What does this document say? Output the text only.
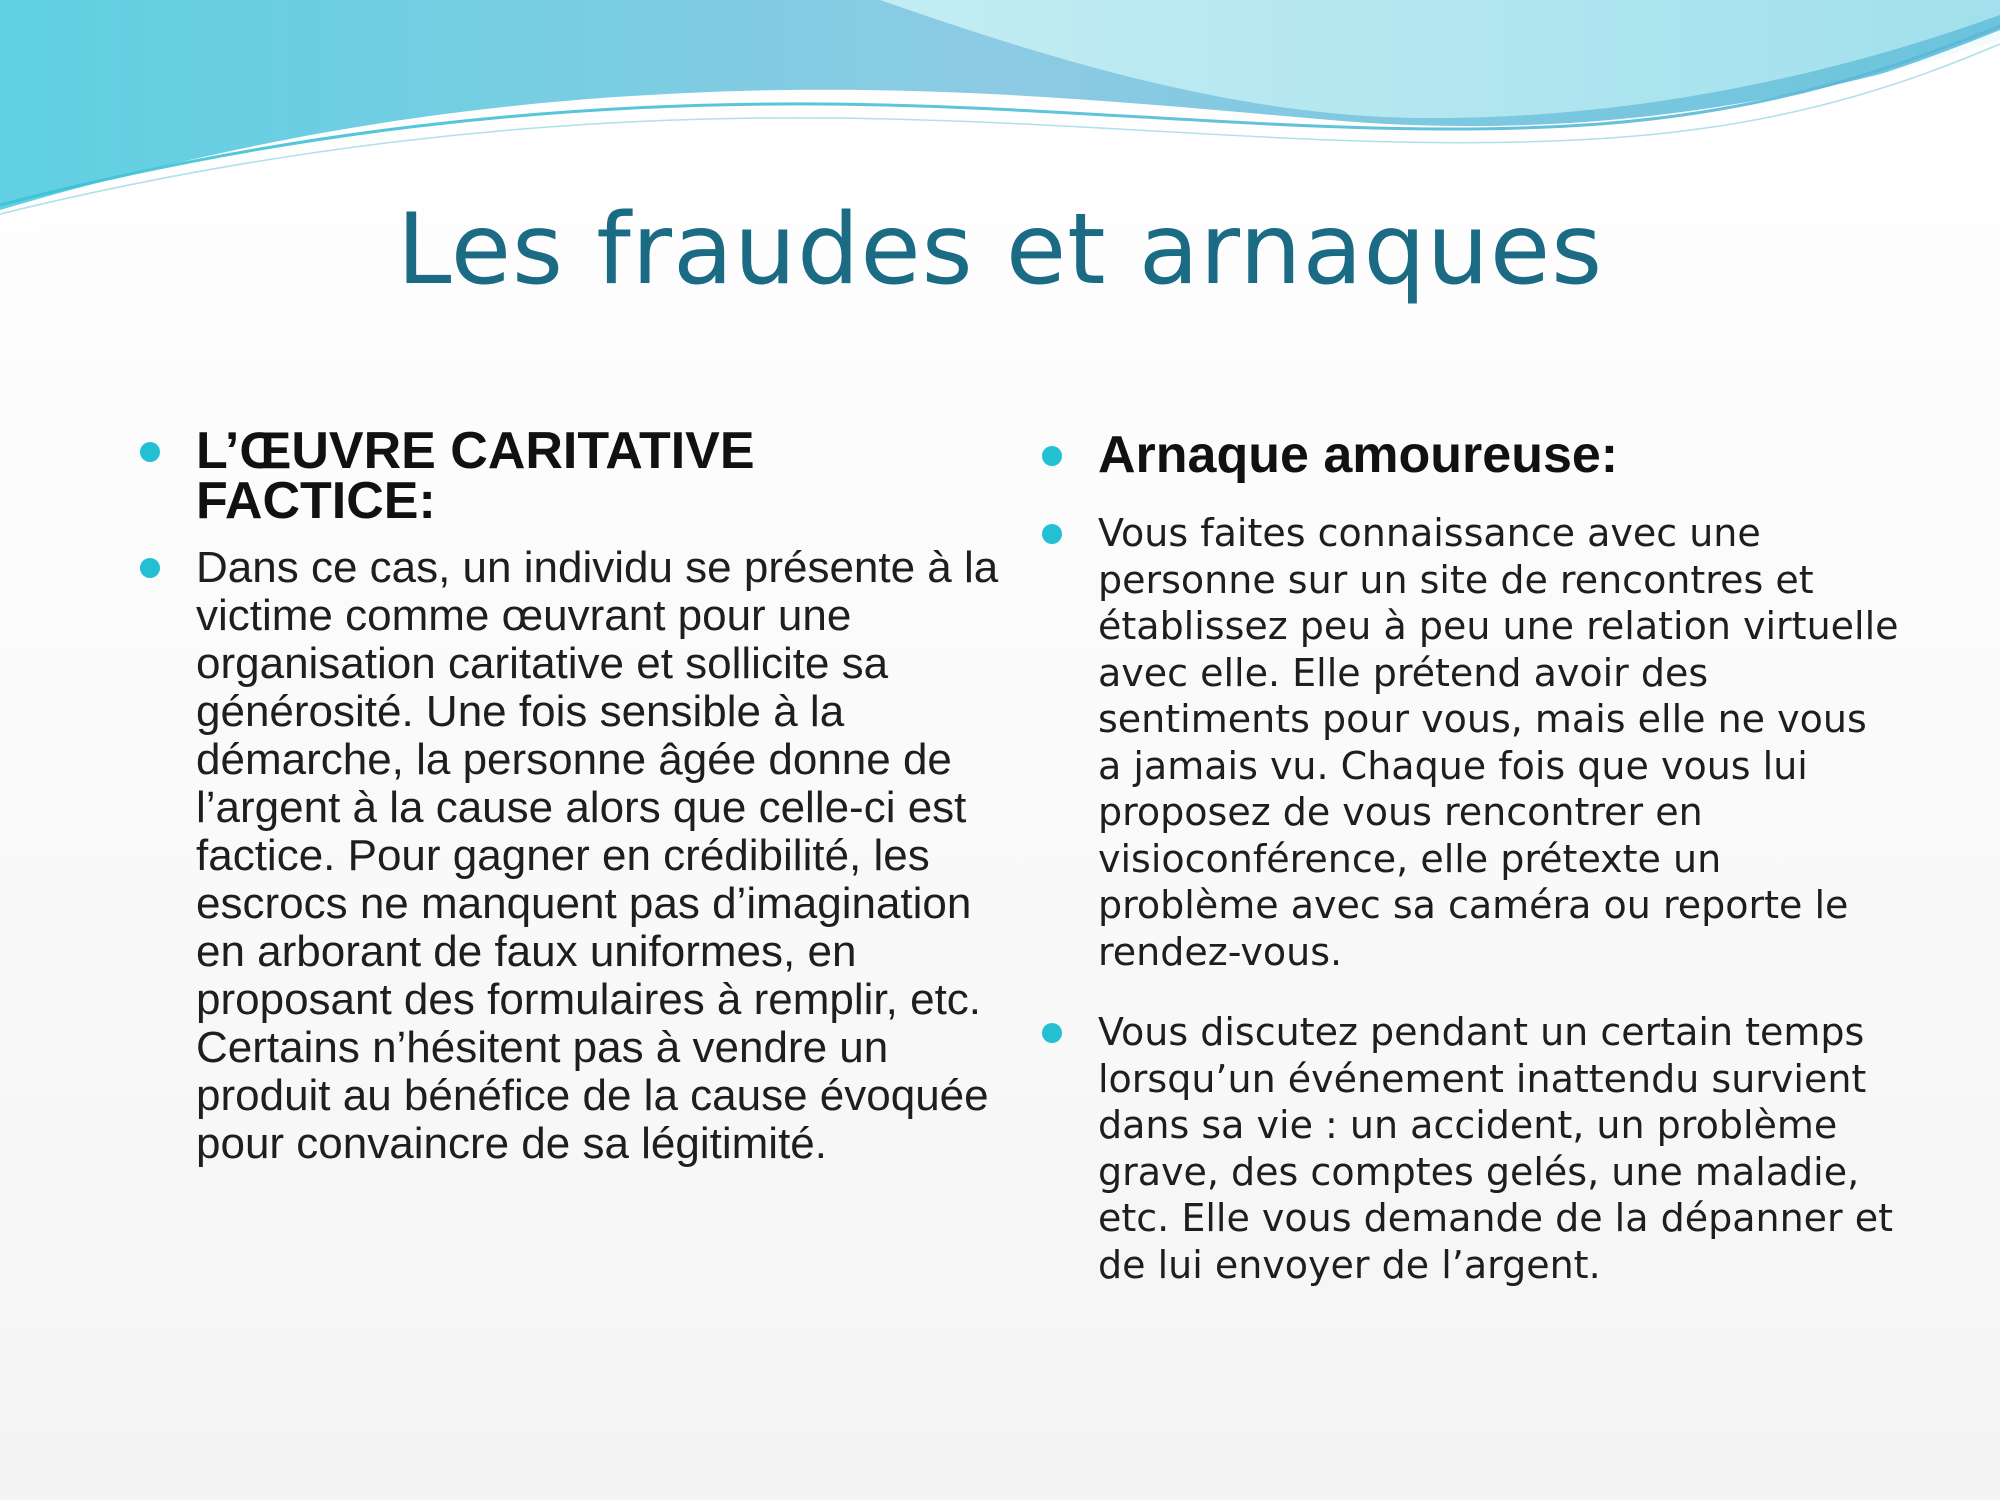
Les fraudes et arnaques
L’ŒUVRE CARITATIVE FACTICE:
Dans ce cas, un individu se présente à la victime comme œuvrant pour une organisation caritative et sollicite sa générosité. Une fois sensible à la démarche, la personne âgée donne de l’argent à la cause alors que celle-ci est factice. Pour gagner en crédibilité, les escrocs ne manquent pas d’imagination en arborant de faux uniformes, en proposant des formulaires à remplir, etc. Certains n’hésitent pas à vendre un produit au bénéfice de la cause évoquée pour convaincre de sa légitimité.
Arnaque amoureuse:
Vous faites connaissance avec une personne sur un site de rencontres et établissez peu à peu une relation virtuelle avec elle. Elle prétend avoir des sentiments pour vous, mais elle ne vous a jamais vu. Chaque fois que vous lui proposez de vous rencontrer en visioconférence, elle prétexte un problème avec sa caméra ou reporte le rendez-vous.
Vous discutez pendant un certain temps lorsqu’un événement inattendu survient dans sa vie : un accident, un problème grave, des comptes gelés, une maladie, etc. Elle vous demande de la dépanner et de lui envoyer de l’argent.
